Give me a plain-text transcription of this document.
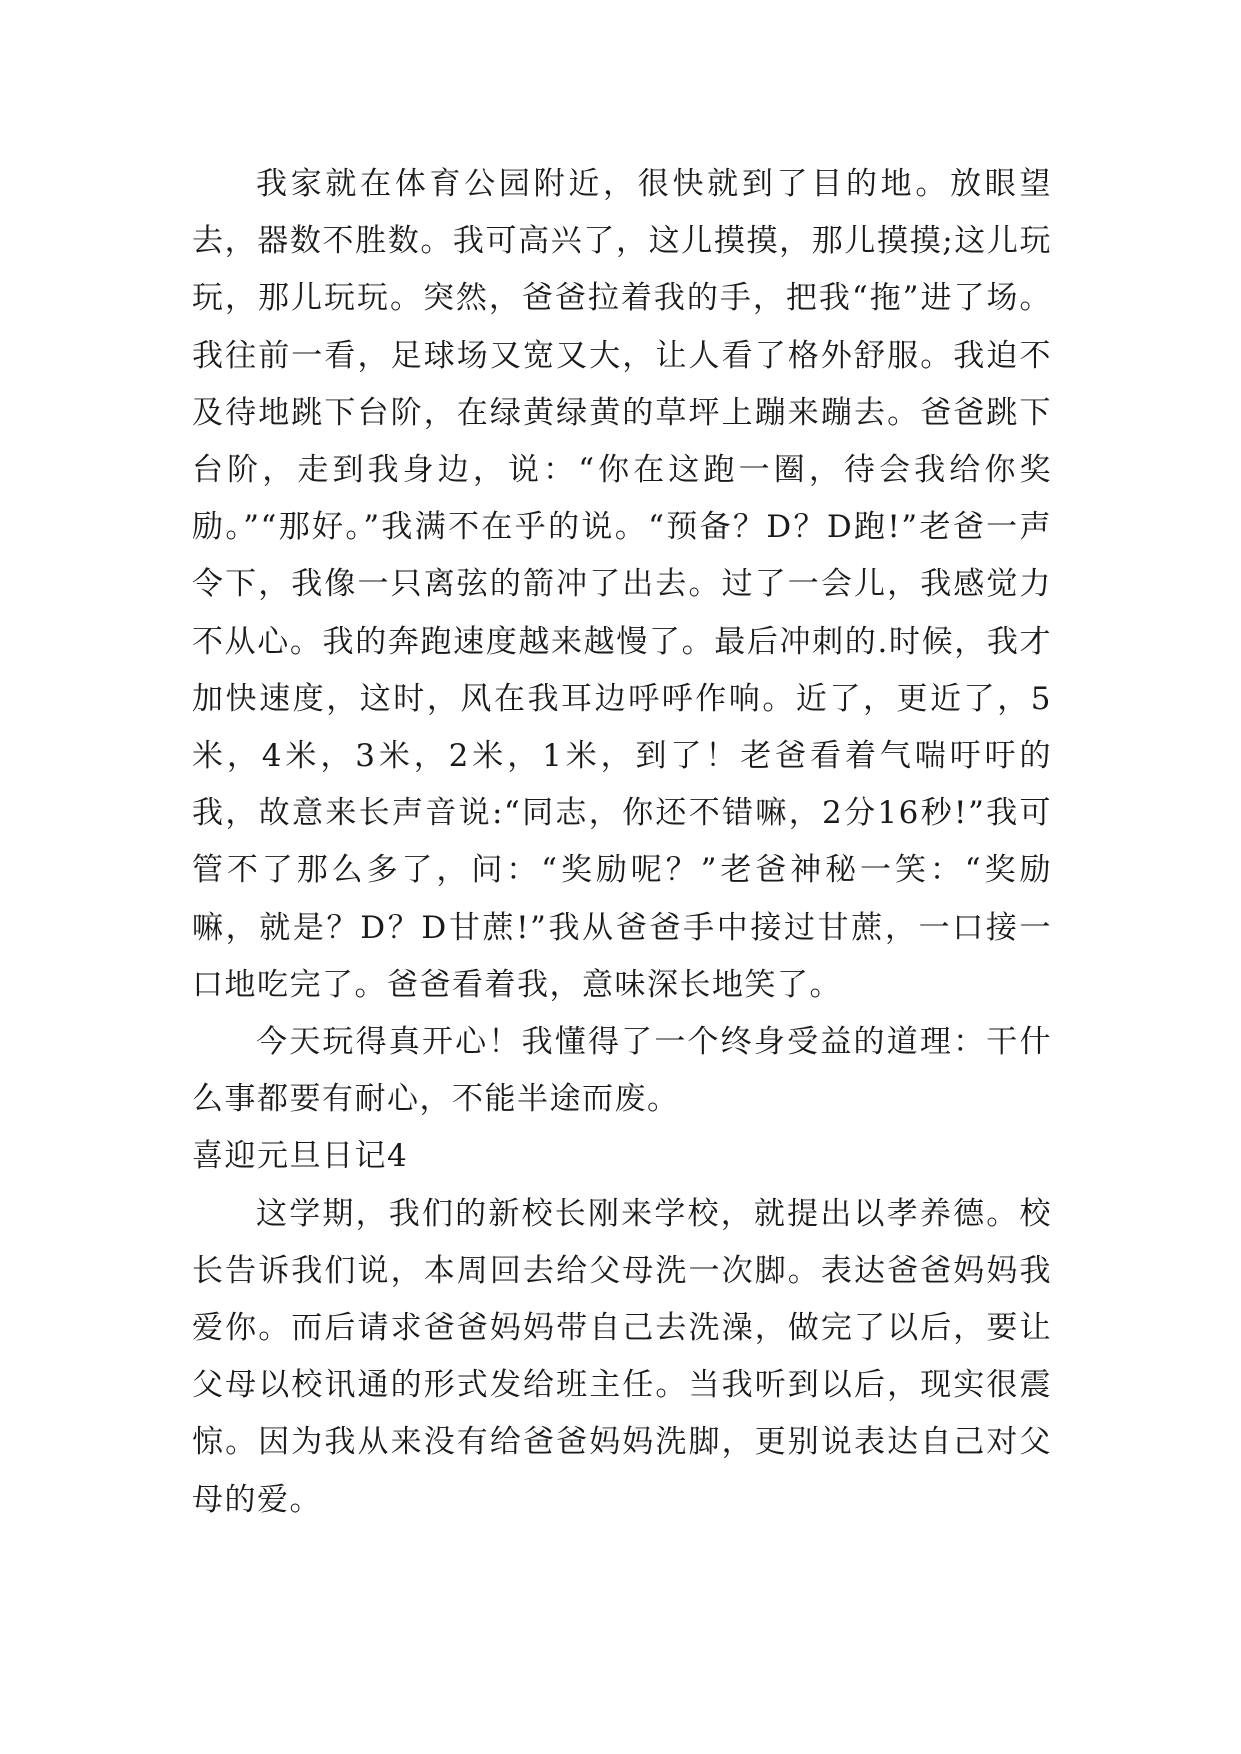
我家就在体育公园附近，很快就到了目的地。放眼望去，器数不胜数。我可高兴了，这儿摸摸，那儿摸摸;这儿玩玩，那儿玩玩。突然，爸爸拉着我的手，把我“拖”进了场。我往前一看，足球场又宽又大，让人看了格外舒服。我迫不及待地跳下台阶，在绿黄绿黄的草坪上蹦来蹦去。爸爸跳下台阶，走到我身边，说：“你在这跑一圈，待会我给你奖励。”“那好。”我满不在乎的说。“预备？D？D跑!”老爸一声令下，我像一只离弦的箭冲了出去。过了一会儿，我感觉力不从心。我的奔跑速度越来越慢了。最后冲刺的.时候，我才加快速度，这时，风在我耳边呼呼作响。近了，更近了，5米，4米，3米，2米，1米，到了！老爸看着气喘吁吁的我，故意来长声音说:“同志，你还不错嘛，2分16秒!”我可管不了那么多了，问：“奖励呢？”老爸神秘一笑：“奖励嘛，就是？D？D甘蔗!”我从爸爸手中接过甘蔗，一口接一口地吃完了。爸爸看着我，意味深长地笑了。

今天玩得真开心！我懂得了一个终身受益的道理：干什么事都要有耐心，不能半途而废。

喜迎元旦日记4

这学期，我们的新校长刚来学校，就提出以孝养德。校长告诉我们说，本周回去给父母洗一次脚。表达爸爸妈妈我爱你。而后请求爸爸妈妈带自己去洗澡，做完了以后，要让父母以校讯通的形式发给班主任。当我听到以后，现实很震惊。因为我从来没有给爸爸妈妈洗脚，更别说表达自己对父母的爱。
